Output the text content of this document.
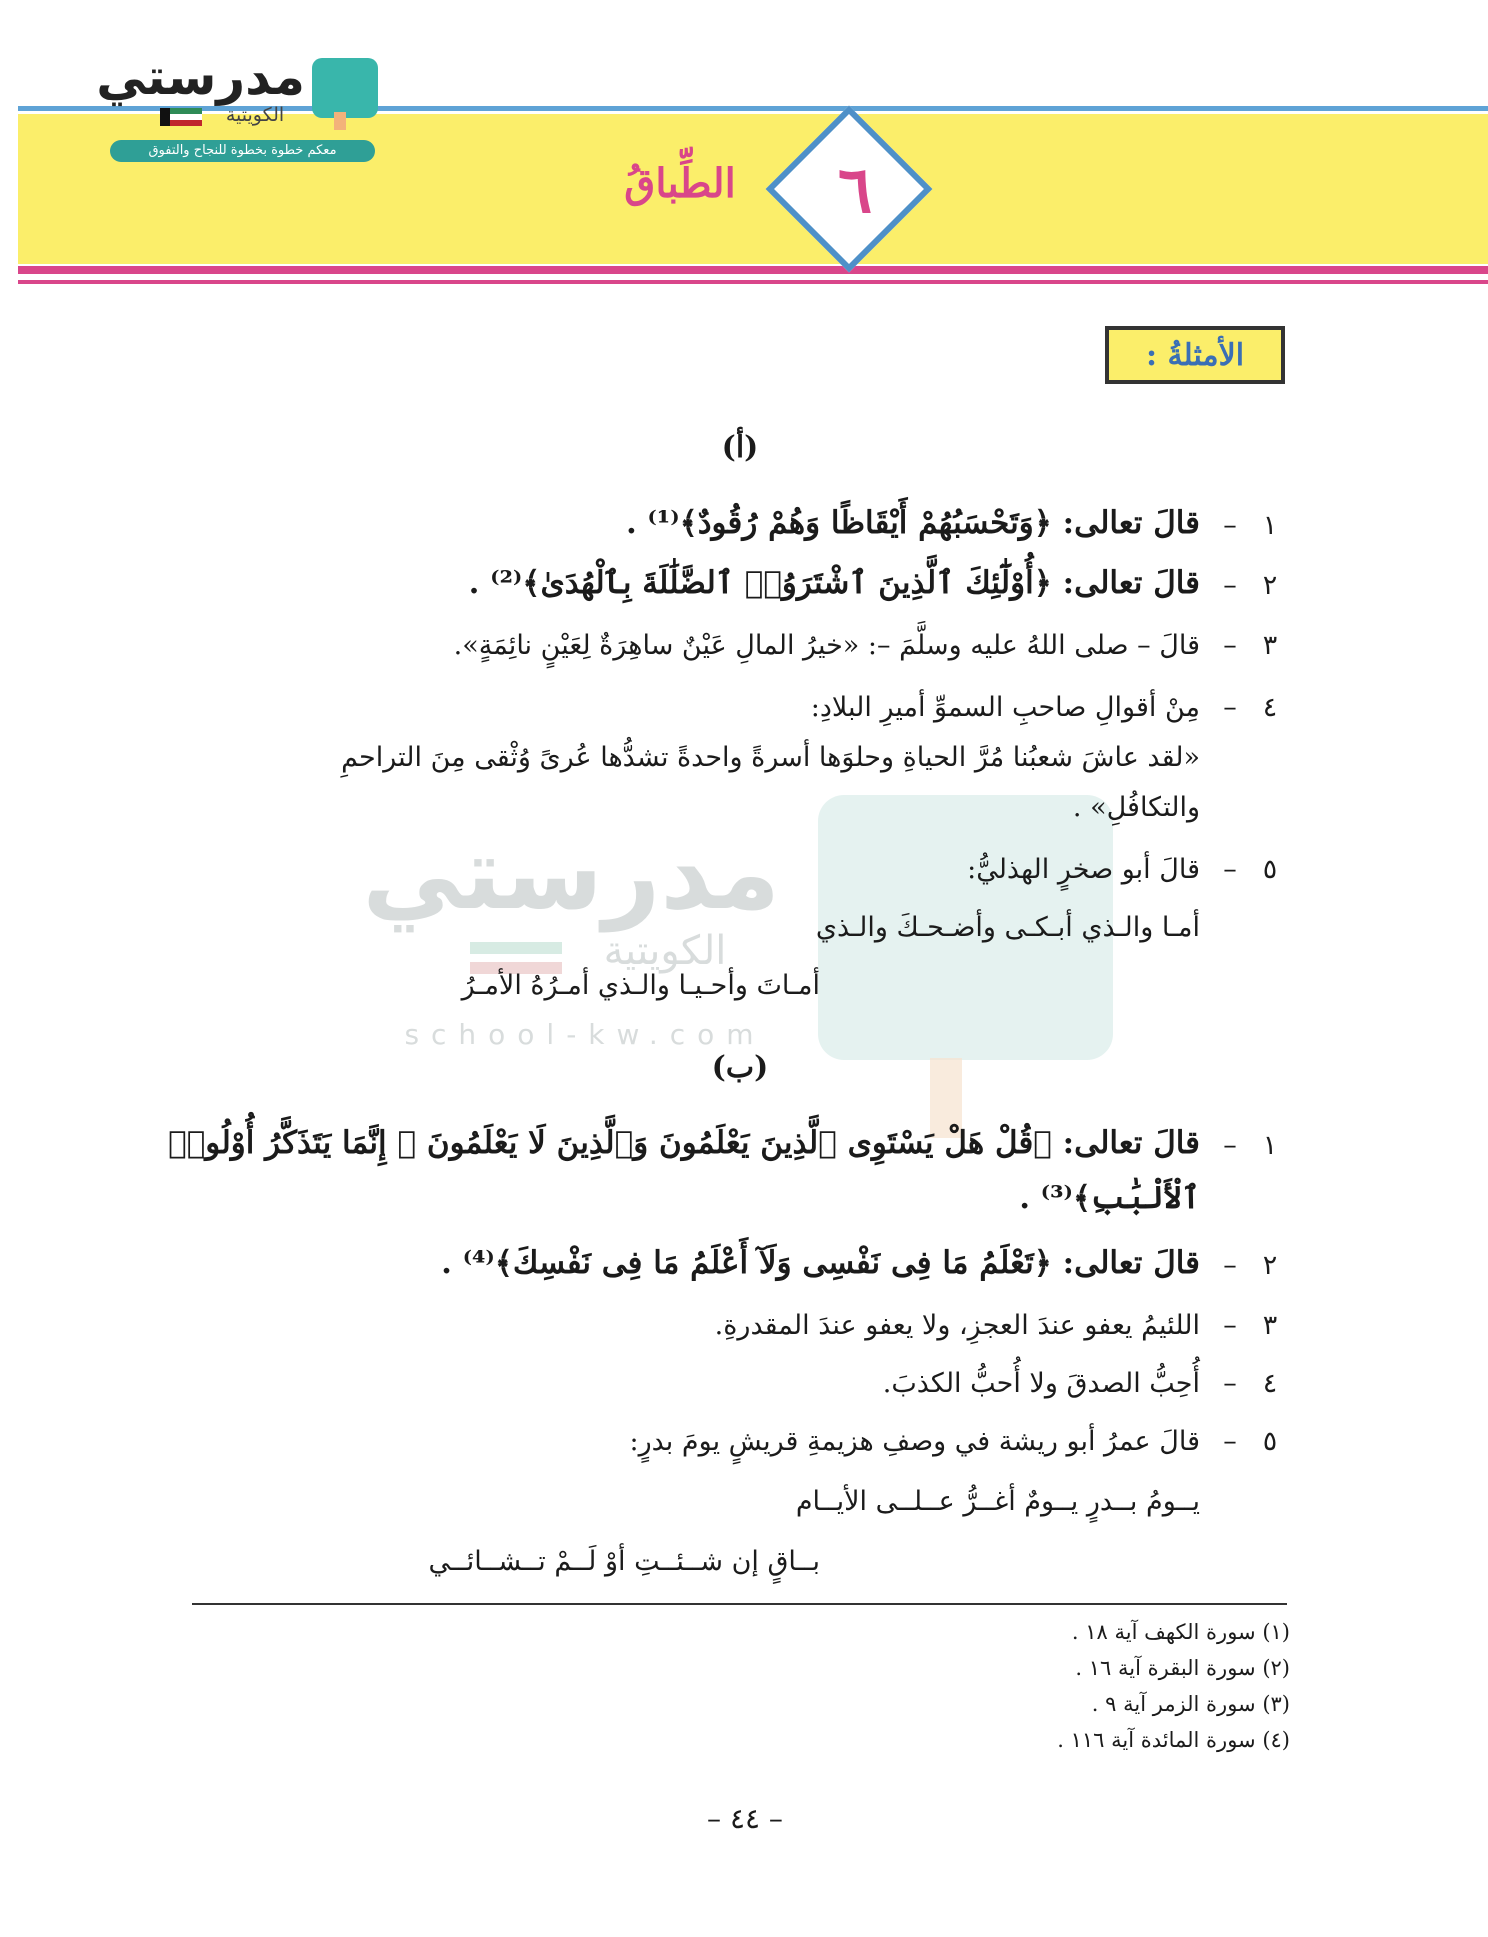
٦
الطِّباقُ
مدرستي
الكويتية
معكم خطوة بخطوة للنجاح والتفوق
مدرستي
الكويتية
school-kw.com
الأمثلةُ :
(أ)
١
–
قالَ تعالى: ﴿وَتَحْسَبُهُمْ أَيْقَاظًا وَهُمْ رُقُودٌ﴾⁽¹⁾ .
٢
–
قالَ تعالى: ﴿أُوْلَٰٓئِكَ ٱلَّذِينَ ٱشْتَرَوُا۟ ٱلضَّلَٰلَةَ بِٱلْهُدَىٰ﴾⁽²⁾ .
٣
–
قالَ – صلى اللهُ عليه وسلَّمَ –: «خيرُ المالِ عَيْنٌ ساهِرَةٌ لِعَيْنٍ نائِمَةٍ».
٤
–
مِنْ أقوالِ صاحبِ السموِّ أميرِ البلادِ:
«لقد عاشَ شعبُنا مُرَّ الحياةِ وحلوَها أسرةً واحدةً تشدُّها عُرىً وُثْقى مِنَ التراحمِ
والتكافُلِ» .
٥
–
قالَ أبو صخرٍ الهذليُّ:
أمـا والـذي أبـكـى وأضـحـكَ والـذي
أمـاتَ وأحـيـا والـذي أمـرُهُ الأمـرُ
(ب)
١
–
قالَ تعالى: ﴿قُلْ هَلْ يَسْتَوِى ٱلَّذِينَ يَعْلَمُونَ وَٱلَّذِينَ لَا يَعْلَمُونَ ۗ إِنَّمَا يَتَذَكَّرُ أُوْلُوا۟
ٱلْأَلْبَٰبِ﴾⁽³⁾ .
٢
–
قالَ تعالى: ﴿تَعْلَمُ مَا فِى نَفْسِى وَلَآ أَعْلَمُ مَا فِى نَفْسِكَ﴾⁽⁴⁾ .
٣
–
اللئيمُ يعفو عندَ العجزِ، ولا يعفو عندَ المقدرةِ.
٤
–
أُحِبُّ الصدقَ ولا أُحبُّ الكذبَ.
٥
–
قالَ عمرُ أبو ريشة في وصفِ هزيمةِ قريشٍ يومَ بدرٍ:
يــومُ بــدرٍ يــومٌ أغــرُّ عــلــى الأيــام
بــاقٍ إن شــئــتِ أوْ لَــمْ تــشــائــي
(١) سورة الكهف آية ١٨ .
(٢) سورة البقرة آية ١٦ .
(٣) سورة الزمر آية ٩ .
(٤) سورة المائدة آية ١١٦ .
– ٤٤ –
